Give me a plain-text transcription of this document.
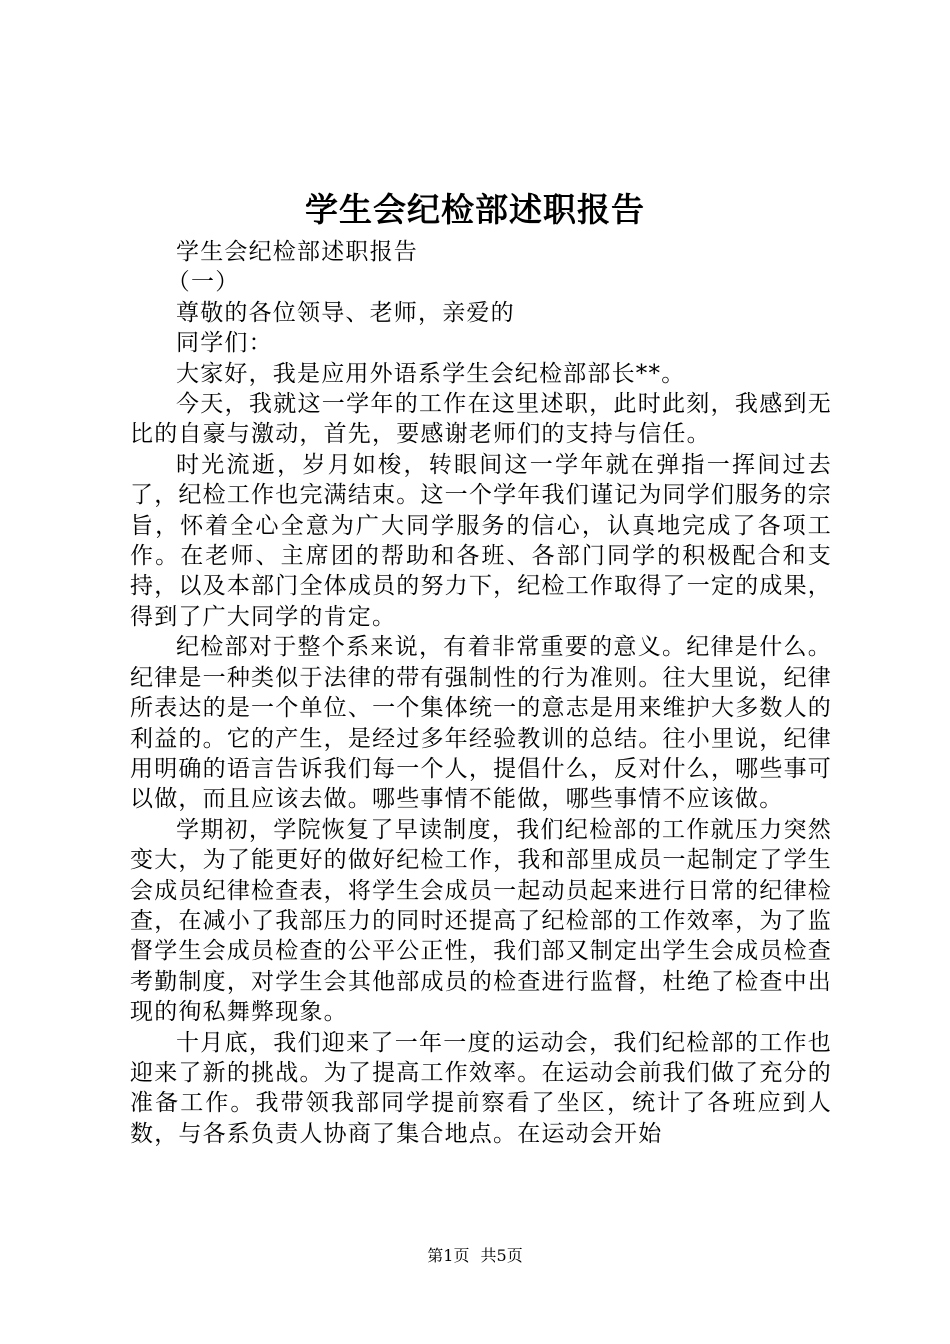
学生会纪检部述职报告

学生会纪检部述职报告

（一）

尊敬的各位领导、老师，亲爱的

同学们：

大家好，我是应用外语系学生会纪检部部长**。

今天，我就这一学年的工作在这里述职，此时此刻，我感到无比的自豪与激动，首先，要感谢老师们的支持与信任。

时光流逝，岁月如梭，转眼间这一学年就在弹指一挥间过去了，纪检工作也完满结束。这一个学年我们谨记为同学们服务的宗旨，怀着全心全意为广大同学服务的信心，认真地完成了各项工作。在老师、主席团的帮助和各班、各部门同学的积极配合和支持，以及本部门全体成员的努力下，纪检工作取得了一定的成果，得到了广大同学的肯定。

纪检部对于整个系来说，有着非常重要的意义。纪律是什么。纪律是一种类似于法律的带有强制性的行为准则。往大里说，纪律所表达的是一个单位、一个集体统一的意志是用来维护大多数人的利益的。它的产生，是经过多年经验教训的总结。往小里说，纪律用明确的语言告诉我们每一个人，提倡什么，反对什么，哪些事可以做，而且应该去做。哪些事情不能做，哪些事情不应该做。

学期初，学院恢复了早读制度，我们纪检部的工作就压力突然变大，为了能更好的做好纪检工作，我和部里成员一起制定了学生会成员纪律检查表，将学生会成员一起动员起来进行日常的纪律检查，在减小了我部压力的同时还提高了纪检部的工作效率，为了监督学生会成员检查的公平公正性，我们部又制定出学生会成员检查考勤制度，对学生会其他部成员的检查进行监督，杜绝了检查中出现的徇私舞弊现象。

十月底，我们迎来了一年一度的运动会，我们纪检部的工作也迎来了新的挑战。为了提高工作效率。在运动会前我们做了充分的准备工作。我带领我部同学提前察看了坐区，统计了各班应到人数，与各系负责人协商了集合地点。在运动会开始

第1页 共5页
